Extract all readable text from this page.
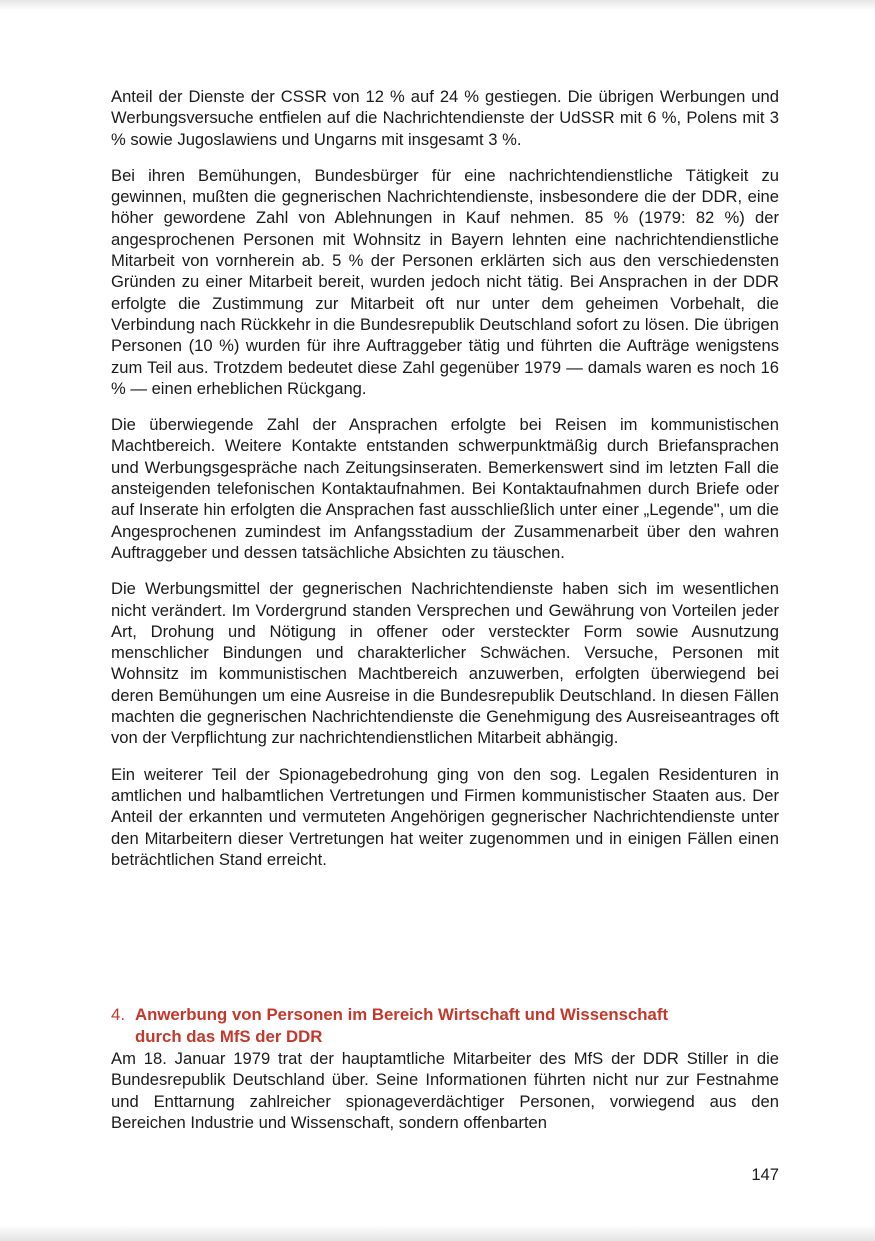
Anteil der Dienste der CSSR von 12 % auf 24 % gestiegen. Die übrigen Werbungen und Werbungsversuche entfielen auf die Nachrichtendienste der UdSSR mit 6 %, Polens mit 3 % sowie Jugoslawiens und Ungarns mit insgesamt 3 %.

Bei ihren Bemühungen, Bundesbürger für eine nachrichtendienstliche Tätigkeit zu gewinnen, mußten die gegnerischen Nachrichtendienste, insbesondere die der DDR, eine höher gewordene Zahl von Ablehnungen in Kauf nehmen. 85 % (1979: 82 %) der angesprochenen Personen mit Wohnsitz in Bayern lehnten eine nachrichtendienstliche Mitarbeit von vornherein ab. 5 % der Personen erklärten sich aus den verschiedensten Gründen zu einer Mitarbeit bereit, wurden jedoch nicht tätig. Bei Ansprachen in der DDR erfolgte die Zustimmung zur Mitarbeit oft nur unter dem geheimen Vorbehalt, die Verbindung nach Rückkehr in die Bundesrepublik Deutschland sofort zu lösen. Die übrigen Personen (10 %) wurden für ihre Auftraggeber tätig und führten die Aufträge wenigstens zum Teil aus. Trotzdem bedeutet diese Zahl gegenüber 1979 — damals waren es noch 16 % — einen erheblichen Rückgang.

Die überwiegende Zahl der Ansprachen erfolgte bei Reisen im kommunistischen Machtbereich. Weitere Kontakte entstanden schwerpunktmäßig durch Briefansprachen und Werbungsgespräche nach Zeitungsinseraten. Bemerkenswert sind im letzten Fall die ansteigenden telefonischen Kontaktaufnahmen. Bei Kontaktaufnahmen durch Briefe oder auf Inserate hin erfolgten die Ansprachen fast ausschließlich unter einer „Legende", um die Angesprochenen zumindest im Anfangsstadium der Zusammenarbeit über den wahren Auftraggeber und dessen tatsächliche Absichten zu täuschen.

Die Werbungsmittel der gegnerischen Nachrichtendienste haben sich im wesentlichen nicht verändert. Im Vordergrund standen Versprechen und Gewährung von Vorteilen jeder Art, Drohung und Nötigung in offener oder versteckter Form sowie Ausnutzung menschlicher Bindungen und charakterlicher Schwächen. Versuche, Personen mit Wohnsitz im kommunistischen Machtbereich anzuwerben, erfolgten überwiegend bei deren Bemühungen um eine Ausreise in die Bundesrepublik Deutschland. In diesen Fällen machten die gegnerischen Nachrichtendienste die Genehmigung des Ausreiseantrages oft von der Verpflichtung zur nachrichtendienstlichen Mitarbeit abhängig.

Ein weiterer Teil der Spionagebedrohung ging von den sog. Legalen Residenturen in amtlichen und halbamtlichen Vertretungen und Firmen kommunistischer Staaten aus. Der Anteil der erkannten und vermuteten Angehörigen gegnerischer Nachrichtendienste unter den Mitarbeitern dieser Vertretungen hat weiter zugenommen und in einigen Fällen einen beträchtlichen Stand erreicht.

4. Anwerbung von Personen im Bereich Wirtschaft und Wissenschaft
durch das MfS der DDR

Am 18. Januar 1979 trat der hauptamtliche Mitarbeiter des MfS der DDR Stiller in die Bundesrepublik Deutschland über. Seine Informationen führten nicht nur zur Festnahme und Enttarnung zahlreicher spionageverdächtiger Personen, vorwiegend aus den Bereichen Industrie und Wissenschaft, sondern offenbarten

147
